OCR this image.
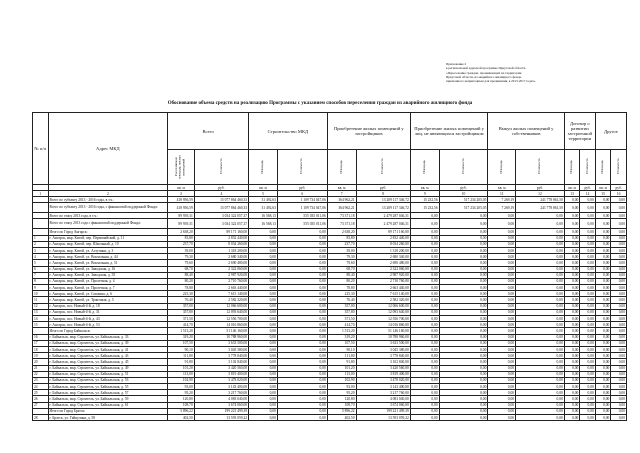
Приложение 2
к региональной адресной программе Иркутской области
«Переселение граждан, проживающих на территории
Иркутской области, из аварийного жилищного фонда,
признанного непригодным для проживания, в 2013-2017 годах»
Обоснование объема средств на реализацию Программы с указанием способов переселения граждан из аварийного жилищного фонда
№ п/п	Адрес МКД	Всего		Строительство МКД		Приобретение жилых помещений у застройщиков		Приобретение жилых помещений у лиц, не являющихся застройщиком		Выкуп жилых помещений у собственников		Договор о развитии застроенной территории		Другое	
		Расселяемая площадь жилых помещений	Стоимость	Площадь	Стоимость	Площадь	Стоимость	Площадь	Стоимость	Площадь	Стоимость	Площадь	Стоимость	Площадь	Стоимость
		кв. м	руб.	кв. м	руб.	кв. м	руб.	кв. м	руб.	кв. м	руб.	кв. м	руб.	кв. м	руб.
1	2	3	4	5	6	7	8	9	10	11	12	13	14	15	16
	Всего по субъекту 2013 - 2016 годы, в т.ч.:	418 956,59	15 077 864 460,33	31 492,63	1 109 734 047,06	364 962,21	13 209 117 346,72	15 232,56	517 234 205,05	7 269,19	241 778 861,50	0,00	0,00	0,00	0,00
	Всего по субъекту 2013 - 2016 годы, с финансовой поддержкой Фонда:	418 956,59	15 077 864 460,33	31 492,63	1 109 734 047,06	364 962,21	13 209 117 346,72	15 232,56	517 234 205,05	7 269,19	241 778 861,50	0,00	0,00	0,00	0,00
	Всего по этапу 2013 года, в т.ч.:	89 939,31	3 034 322 057,37	16 568,13	555 035 011,06	73 371,18	2 479 287 046,31	0,00	0,00	0,00	0,00	0,00	0,00	0,00	0,00
	Всего по этапу 2013 года с финансовой поддержкой Фонда:	89 939,31	3 034 322 057,37	16 568,13	555 035 011,06	73 371,18	2 479 287 046,31	0,00	0,00	0,00	0,00	0,00	0,00	0,00	0,00
	Итого по Город Ангарск:	2 638,20	89 171 160,00	0,00	0,00	2 638,20	89 171 160,00	0,00	0,00	0,00	0,00	0,00	0,00	0,00	0,00
1	г. Ангарск, мкр. Китой, пер. Первомайский, д. 11	83,80	2 832 440,00	0,00	0,00	83,80	2 832 440,00	0,00	0,00	0,00	0,00	0,00	0,00	0,00	0,00
2	г. Ангарск, мкр. Китой, пер. Школьный, д. 10	237,70	8 034 260,00	0,00	0,00	237,70	8 034 260,00	0,00	0,00	0,00	0,00	0,00	0,00	0,00	0,00
3	г. Ангарск, мкр. Китой, ул. Алтучина, д. 3	39,00	1 318 200,00	0,00	0,00	39,00	1 318 200,00	0,00	0,00	0,00	0,00	0,00	0,00	0,00	0,00
4	г. Ангарск, мкр. Китой, ул. Вокзальная, д. 44	79,30	2 680 340,00	0,00	0,00	79,30	2 680 340,00	0,00	0,00	0,00	0,00	0,00	0,00	0,00	0,00
5	г. Ангарск, мкр. Китой, ул. Вокзальная, д. 51	79,60	2 690 480,00	0,00	0,00	79,60	2 690 480,00	0,00	0,00	0,00	0,00	0,00	0,00	0,00	0,00
6	г. Ангарск, мкр. Китой, ул. Заводская, д. 16	68,70	2 322 060,00	0,00	0,00	68,70	2 322 060,00	0,00	0,00	0,00	0,00	0,00	0,00	0,00	0,00
7	г. Ангарск, мкр. Китой, ул. Заводская, д. 35	88,40	2 987 920,00	0,00	0,00	88,40	2 987 920,00	0,00	0,00	0,00	0,00	0,00	0,00	0,00	0,00
8	г. Ангарск, мкр. Китой, ул. Пролетная, д. 4	80,20	2 710 760,00	0,00	0,00	80,20	2 710 760,00	0,00	0,00	0,00	0,00	0,00	0,00	0,00	0,00
9	г. Ангарск, мкр. Китой, ул. Пролетная, д. 7	78,80	2 663 440,00	0,00	0,00	78,80	2 663 440,00	0,00	0,00	0,00	0,00	0,00	0,00	0,00	0,00
10	г. Ангарск, мкр. Китой, ул. Смолина, д. 6	225,30	7 615 140,00	0,00	0,00	225,30	7 615 140,00	0,00	0,00	0,00	0,00	0,00	0,00	0,00	0,00
11	г. Ангарск, мкр. Китой, ул. Трактовая, д. 5	76,40	2 582 320,00	0,00	0,00	76,40	2 582 320,00	0,00	0,00	0,00	0,00	0,00	0,00	0,00	0,00
12	г. Ангарск, пос. Новый-4-й, д. 18	357,00	12 066 600,00	0,00	0,00	357,00	12 066 600,00	0,00	0,00	0,00	0,00	0,00	0,00	0,00	0,00
13	г. Ангарск, пос. Новый-4-й, д. 31	357,80	12 093 640,00	0,00	0,00	357,80	12 093 640,00	0,00	0,00	0,00	0,00	0,00	0,00	0,00	0,00
14	г. Ангарск, пос. Новый-4-й, д. 43	371,50	12 556 700,00	0,00	0,00	371,50	12 556 700,00	0,00	0,00	0,00	0,00	0,00	0,00	0,00	0,00
15	г. Ангарск, пос. Новый-4-й, д. 53	414,70	14 016 860,00	0,00	0,00	414,70	14 016 860,00	0,00	0,00	0,00	0,00	0,00	0,00	0,00	0,00
	Итого по Город Байкальск:	1 513,20	51 146 160,00	0,00	0,00	1 513,20	51 146 160,00	0,00	0,00	0,00	0,00	0,00	0,00	0,00	0,00
16	г. Байкальск, мкр. Строитель, ул. Байкальская, д. 33	319,20	10 788 960,00	0,00	0,00	319,20	10 788 960,00	0,00	0,00	0,00	0,00	0,00	0,00	0,00	0,00
17	г. Байкальск, мкр. Строитель, ул. Байкальская, д. 39	107,50	3 633 500,00	0,00	0,00	107,50	3 633 500,00	0,00	0,00	0,00	0,00	0,00	0,00	0,00	0,00
18	г. Байкальск, мкр. Строитель, ул. Байкальская, д. 41	90,10	3 045 380,00	0,00	0,00	90,10	3 045 380,00	0,00	0,00	0,00	0,00	0,00	0,00	0,00	0,00
19	г. Байкальск, мкр. Строитель, ул. Байкальская, д. 43	111,80	3 778 840,00	0,00	0,00	111,80	3 778 840,00	0,00	0,00	0,00	0,00	0,00	0,00	0,00	0,00
20	г. Байкальск, мкр. Строитель, ул. Байкальская, д. 45	91,80	3 102 840,00	0,00	0,00	91,80	3 102 840,00	0,00	0,00	0,00	0,00	0,00	0,00	0,00	0,00
21	г. Байкальск, мкр. Строитель, ул. Байкальская, д. 49	101,20	3 420 560,00	0,00	0,00	101,20	3 420 560,00	0,00	0,00	0,00	0,00	0,00	0,00	0,00	0,00
22	г. Байкальск, мкр. Строитель, ул. Байкальская, д. 51	113,00	3 819 400,00	0,00	0,00	113,00	3 819 400,00	0,00	0,00	0,00	0,00	0,00	0,00	0,00	0,00
23	г. Байкальск, мкр. Строитель, ул. Байкальская, д. 53	102,90	3 478 020,00	0,00	0,00	102,90	3 478 020,00	0,00	0,00	0,00	0,00	0,00	0,00	0,00	0,00
24	г. Байкальск, мкр. Строитель, ул. Байкальская, д. 55	93,00	3 143 400,00	0,00	0,00	93,00	3 143 400,00	0,00	0,00	0,00	0,00	0,00	0,00	0,00	0,00
25	г. Байкальск, мкр. Строитель, ул. Байкальская, д. 57	95,20	3 217 760,00	0,00	0,00	95,20	3 217 760,00	0,00	0,00	0,00	0,00	0,00	0,00	0,00	0,00
26	г. Байкальск, мкр. Строитель, ул. Байкальская, д. 59	120,80	4 083 040,00	0,00	0,00	120,80	4 083 040,00	0,00	0,00	0,00	0,00	0,00	0,00	0,00	0,00
27	г. Байкальск, мкр. Строитель, ул. Байкальская, д. 61	108,70	3 674 060,00	0,00	0,00	108,70	3 674 060,00	0,00	0,00	0,00	0,00	0,00	0,00	0,00	0,00
	Итого по Город Братск:	5 896,22	199 221 499,39	0,00	0,00	5 896,22	199 221 499,39	0,00	0,00	0,00	0,00	0,00	0,00	0,00	0,00
28	г. Братск, ул. Гайнулина, д. 58	402,50	13 593 059,22	0,00	0,00	402,50	13 593 059,22	0,00	0,00	0,00	0,00	0,00	0,00	0,00	0,00
